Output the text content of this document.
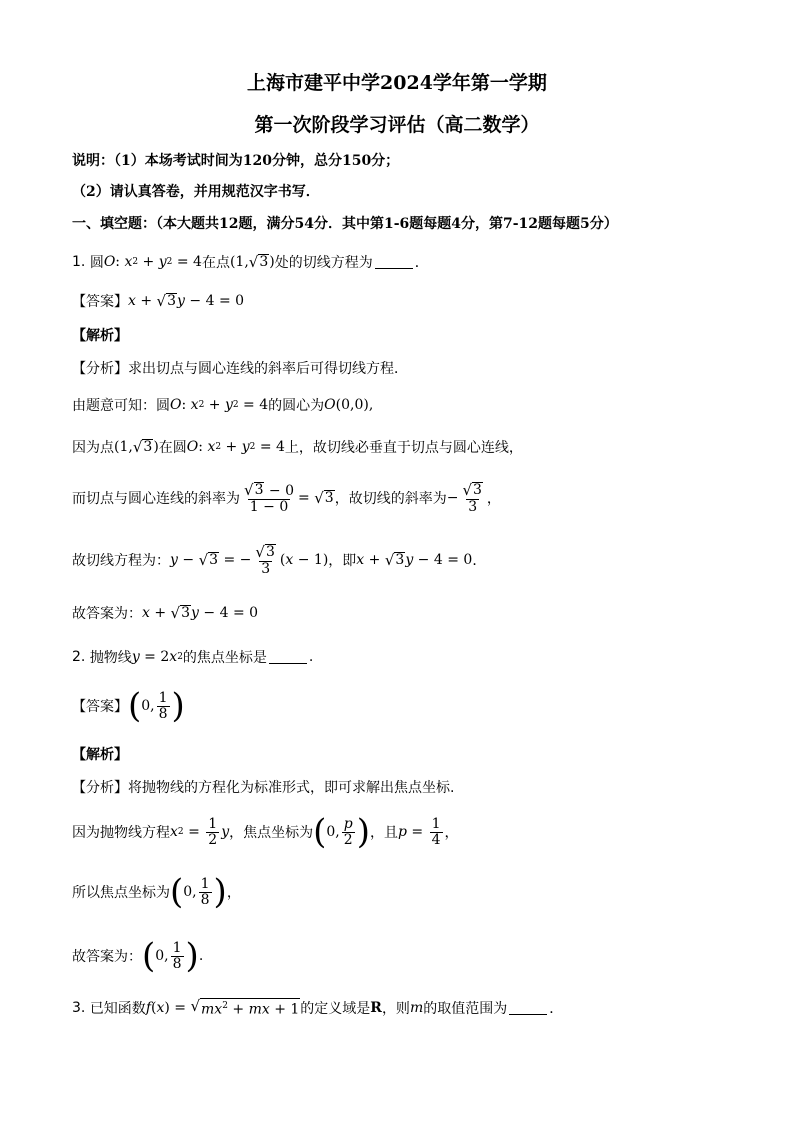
上海市建平中学2024学年第一学期
第一次阶段学习评估（高二数学）
说明：（1）本场考试时间为120分钟，总分150分；
（2）请认真答卷，并用规范汉字书写．
一、填空题：（本大题共12题，满分54分．其中第1-6题每题4分，第7-12题每题5分）
1.
圆 O : x 2 + y 2 = 4 在点 (1, √ 3 ) 处的切线方程为	．
【答案】 x + √ 3 y − 4 = 0
【解析】
【分析】 求出切点与圆心连线的斜率后可得切线方程．
由题意可知：圆 O : x 2 + y 2 = 4 的圆心为 O (0,0),
因为点 (1, √ 3 ) 在圆 O : x 2 + y 2 = 4 上，故切线必垂直于切点与圆心连线，
而切点与圆心连线的斜率为 $\frac{√ 3 - 0}{1 - 0}$ = √ 3 ，故切线的斜率为 − $\frac{√ 3}{3}$ ，
故切线方程为： y − √ 3 = − $\frac{√ 3}{3}$ ( x − 1) ，即 x + √ 3 y − 4 = 0 ．
故答案为： x + √ 3 y − 4 = 0
2.
抛物线 y = 2 x 2 的焦点坐标是	.
【答案】 ( 0, $\frac{1}{8}$ )
【解析】
【分析】 将抛物线的方程化为标准形式，即可求解出焦点坐标.
因为抛物线方程 x $2 = \frac{1}{2}$ y ，焦点坐标为 ( 0, $\frac{p}{2}$ ) ，且 $p = \frac{1}{4}$ ，
所以焦点坐标为 ( 0, $\frac{1}{8}$ ) ，
故答案为： ( 0, $\frac{1}{8}$ ) .
3.
已知函数 f ( x ) = √ $mx^2$ + mx + 1 的定义域是 R ，则 m 的取值范围为	．
